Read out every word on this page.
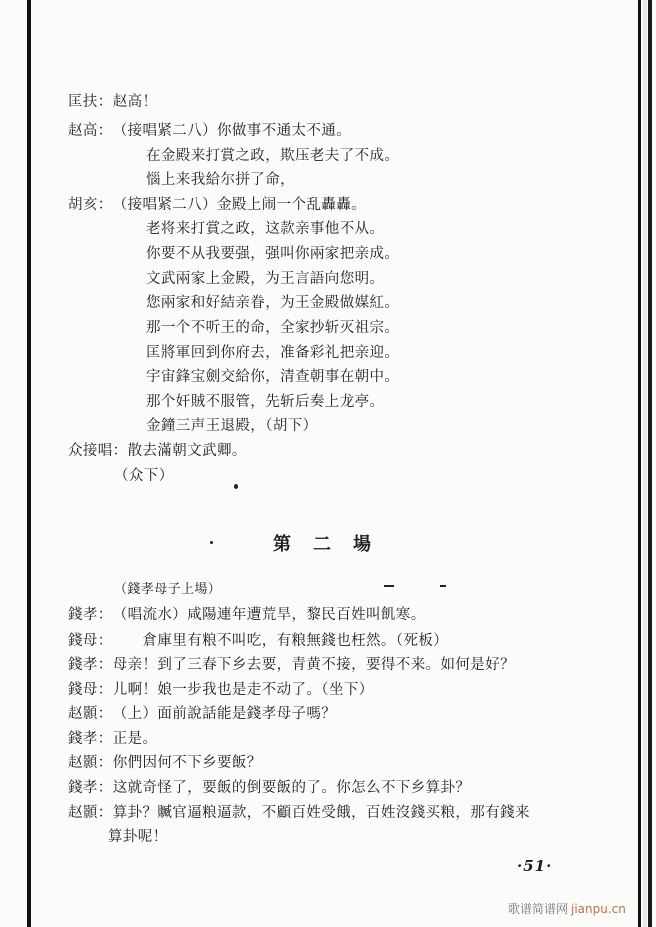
匡扶：赵高！
赵高：（接唱紧二八）你做事不通太不通。
在金殿来打賞之政，欺压老夫了不成。
惱上来我給尔拼了命，
胡亥：（接唱紧二八）金殿上闹一个乱轟轟。
老将来打賞之政，这款亲事他不从。
你要不从我要强，强叫你兩家把亲成。
文武兩家上金殿，为王言語向您明。
您兩家和好結亲眷，为王金殿做媒紅。
那一个不听王的命，全家抄斩灭祖宗。
匡將軍回到你府去，准备彩礼把亲迎。
宇宙鋒宝劍交給你，清查朝事在朝中。
那个奸賊不服管，先斩后奏上龙亭。
金鐘三声王退殿，（胡下）
众接唱：散去滿朝文武卿。
（众下）
第二場
（錢孝母子上場）
錢孝：（唱流水）咸陽連年遭荒旱，黎民百姓叫飢寒。
錢母：　　倉庫里有粮不叫吃，有粮無錢也枉然。（死板）
錢孝：母亲！到了三春下乡去要，青黄不接，要得不来。如何是好？
錢母：儿啊！娘一步我也是走不动了。（坐下）
赵顥：（上）面前說話能是錢孝母子嗎？
錢孝：正是。
赵顥：你們因何不下乡要飯？
錢孝：这就奇怪了，要飯的倒要飯的了。你怎么不下乡算卦？
赵顥：算卦？贓官逼粮逼款，不顧百姓受餓，百姓沒錢买粮，那有錢来
算卦呢！
·51·
歌谱简谱网 jianpu.cn
